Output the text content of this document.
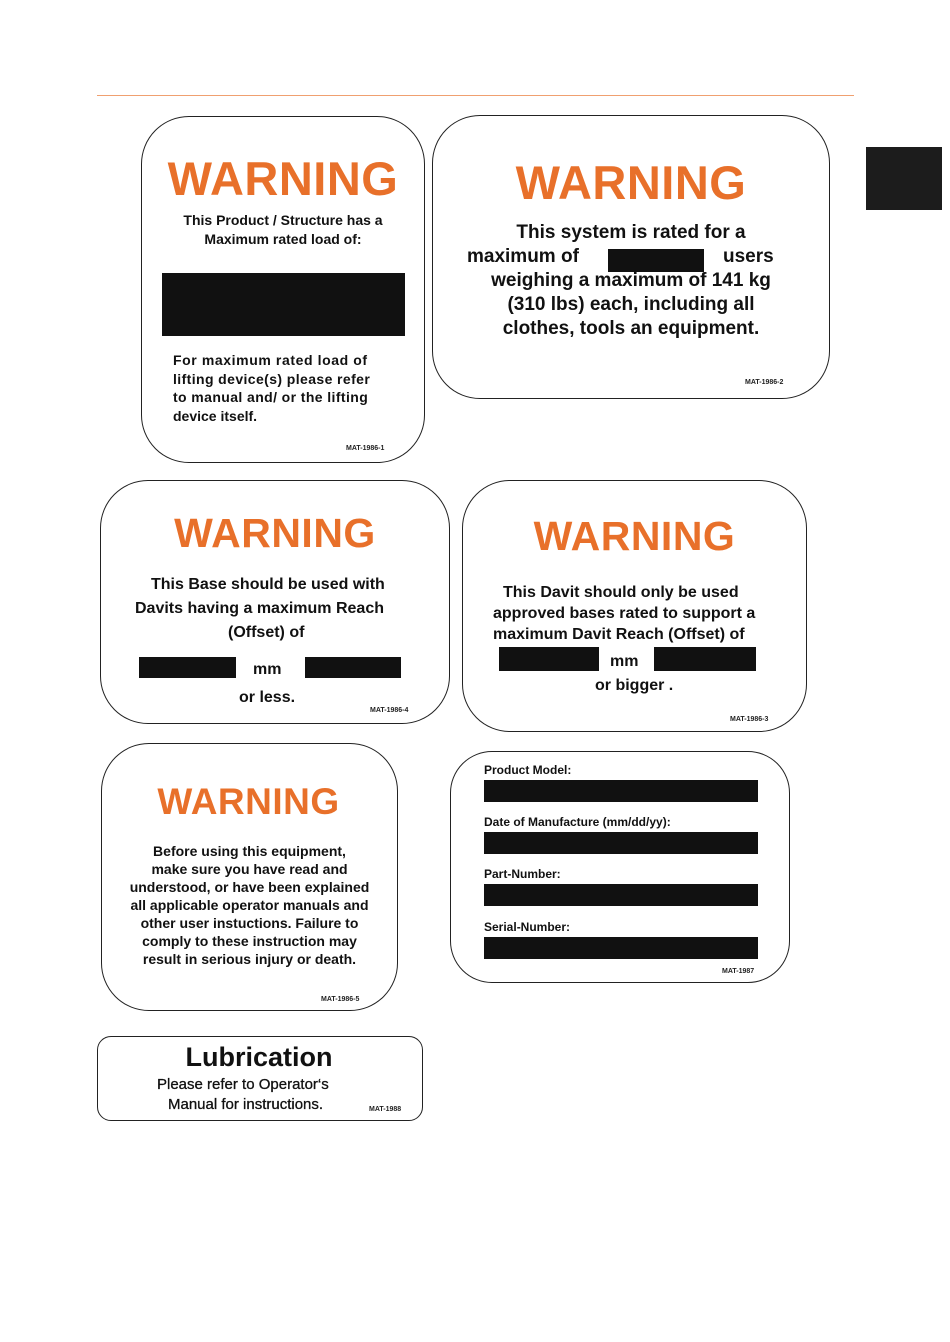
WARNING
This Product / Structure has a
Maximum rated load of:
For maximum rated load of
lifting device(s) please refer
to manual and/ or the lifting
device itself.
MAT-1986-1
WARNING
This system is rated for a
maximum of	users
weighing a maximum of 141 kg
(310 lbs) each, including all
clothes, tools an equipment.
MAT-1986-2
WARNING
This Base should be used with
Davits having a maximum Reach
(Offset) of
mm
or less.
MAT-1986-4
WARNING
This Davit should only be used
approved bases rated to support a
maximum Davit Reach (Offset) of
mm
or bigger .
MAT-1986-3
WARNING
Before using this equipment,
make sure you have read and
understood, or have been explained
all applicable operator manuals and
other user instuctions. Failure to
comply to these instruction may
result in serious injury or death.
MAT-1986-5
Product Model:
Date of Manufacture (mm/dd/yy):
Part-Number:
Serial-Number:
MAT-1987
Lubrication
Please refer to Operator‘s
Manual for instructions.	MAT-1988
